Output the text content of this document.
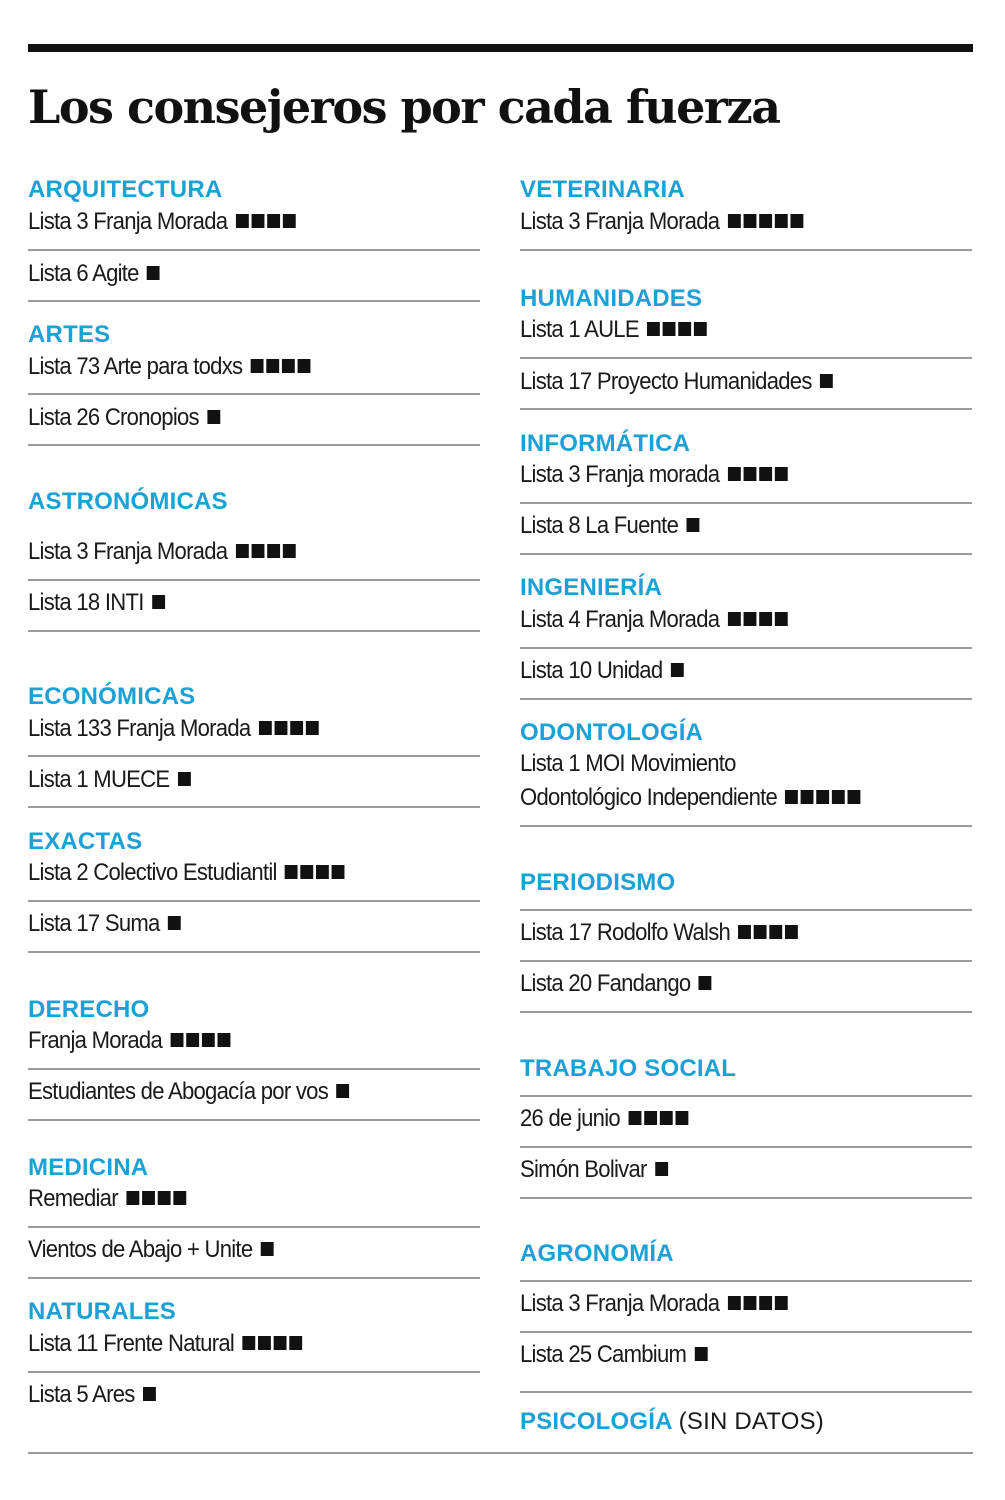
Los consejeros por cada fuerza
ARQUITECTURA
Lista 3 Franja Morada
Lista 6 Agite
ARTES
Lista 73 Arte para todxs
Lista 26 Cronopios
ASTRONÓMICAS
Lista 3 Franja Morada
Lista 18 INTI
ECONÓMICAS
Lista 133 Franja Morada
Lista 1 MUECE
EXACTAS
Lista 2 Colectivo Estudiantil
Lista 17 Suma
DERECHO
Franja Morada
Estudiantes de Abogacía por vos
MEDICINA
Remediar
Vientos de Abajo + Unite
NATURALES
Lista 11 Frente Natural
Lista 5 Ares
VETERINARIA
Lista 3 Franja Morada
HUMANIDADES
Lista 1 AULE
Lista 17 Proyecto Humanidades
INFORMÁTICA
Lista 3 Franja morada
Lista 8 La Fuente
INGENIERÍA
Lista 4 Franja Morada
Lista 10 Unidad
ODONTOLOGÍA
Lista 1 MOI Movimiento
Odontológico Independiente
PERIODISMO
Lista 17 Rodolfo Walsh
Lista 20 Fandango
TRABAJO SOCIAL
26 de junio
Simón Bolivar
AGRONOMÍA
Lista 3 Franja Morada
Lista 25 Cambium
PSICOLOGÍA (SIN DATOS)
